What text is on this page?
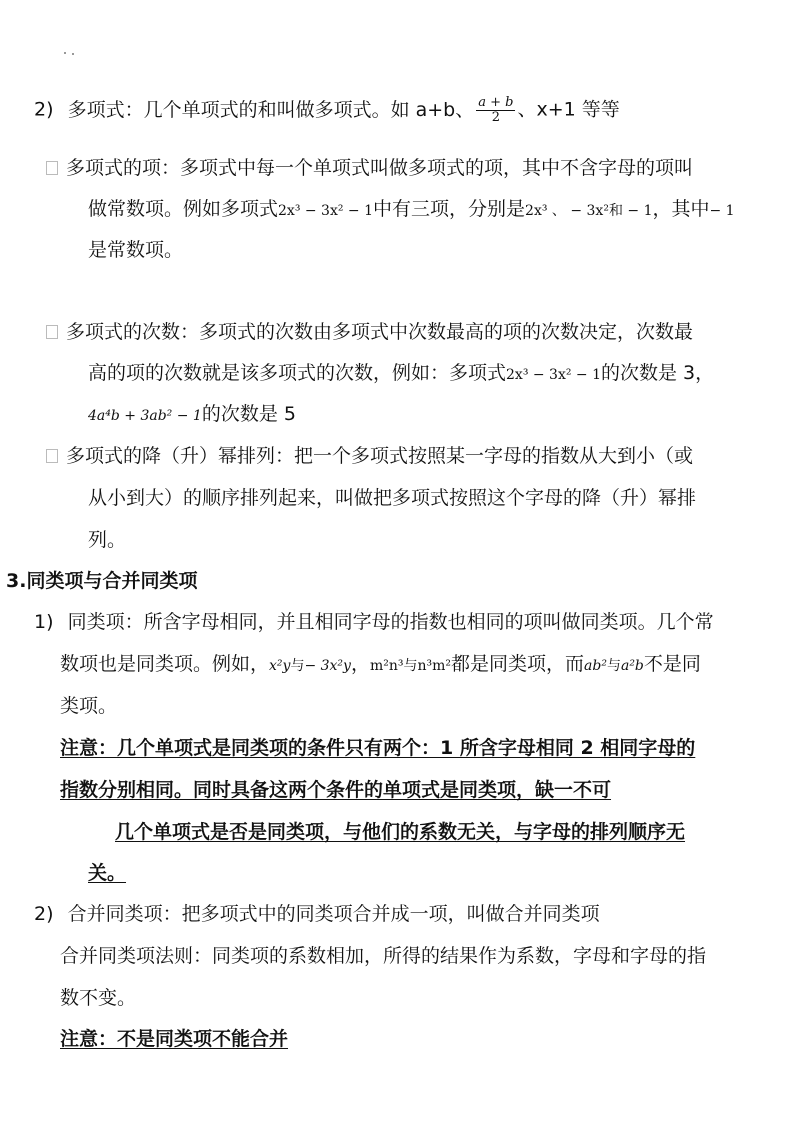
2) 多项式：几个单项式的和叫做多项式。如 a+b、 $\frac{a + b}{2}$ 、x+1 等等
多项式的项：多项式中每一个单项式叫做多项式的项，其中不含字母的项叫
做常数项。例如多项式2x³ − 3x² − 1中有三项，分别是2x³ 、 − 3x²和 − 1，其中− 1
是常数项。
多项式的次数：多项式的次数由多项式中次数最高的项的次数决定，次数最
高的项的次数就是该多项式的次数，例如：多项式2x³ − 3x² − 1的次数是 3，
4a⁴b + 3ab² − 1的次数是 5
多项式的降（升）幂排列：把一个多项式按照某一字母的指数从大到小（或
从小到大）的顺序排列起来，叫做把多项式按照这个字母的降（升）幂排
列。
3.同类项与合并同类项
1) 同类项：所含字母相同，并且相同字母的指数也相同的项叫做同类项。几个常
数项也是同类项。例如，x²y与− 3x²y，m²n³与n³m²都是同类项，而ab²与a²b不是同
类项。
注意：几个单项式是同类项的条件只有两个：1 所含字母相同 2 相同字母的
指数分别相同。同时具备这两个条件的单项式是同类项，缺一不可
几个单项式是否是同类项，与他们的系数无关，与字母的排列顺序无
关。
2) 合并同类项：把多项式中的同类项合并成一项，叫做合并同类项
合并同类项法则：同类项的系数相加，所得的结果作为系数，字母和字母的指
数不变。
注意：不是同类项不能合并
